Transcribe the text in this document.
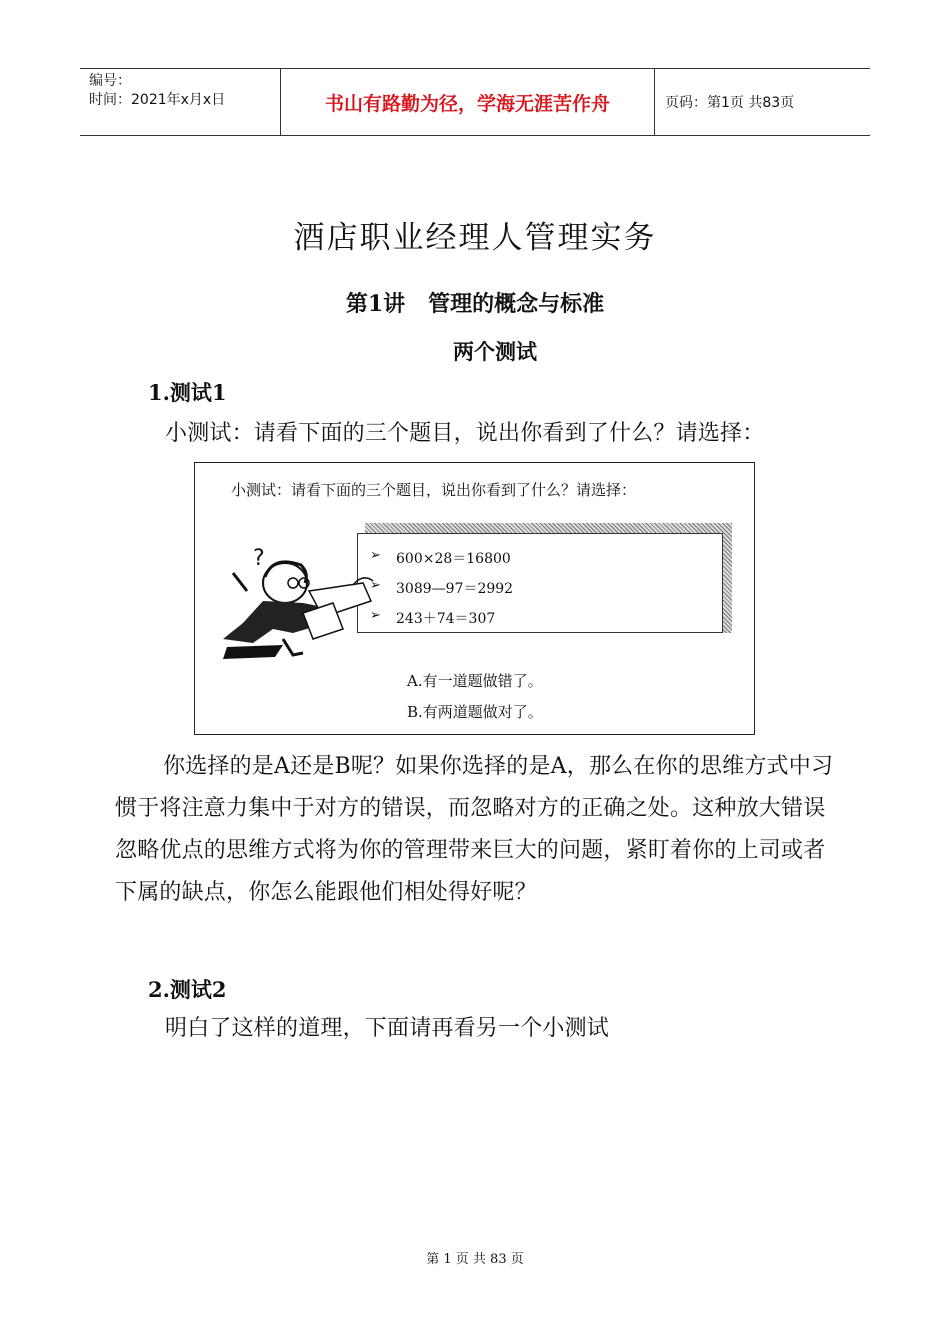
编号：
时间：2021年x月x日	书山有路勤为径，学海无涯苦作舟	页码：第1页 共83页
酒店职业经理人管理实务
第1讲   管理的概念与标准
两个测试
1.测试1
小测试：请看下面的三个题目，说出你看到了什么？请选择：
小测试：请看下面的三个题目，说出你看到了什么？请选择：
➢ 600×28＝16800
➢ 3089—97＝2992
➢ 243＋74＝307
?
A.有一道题做错了。
B.有两道题做对了。
你选择的是A还是B呢？如果你选择的是A，那么在你的思维方式中习惯于将注意力集中于对方的错误，而忽略对方的正确之处。这种放大错误忽略优点的思维方式将为你的管理带来巨大的问题，紧盯着你的上司或者下属的缺点，你怎么能跟他们相处得好呢？
2.测试2
明白了这样的道理，下面请再看另一个小测试
第 1 页 共 83 页
